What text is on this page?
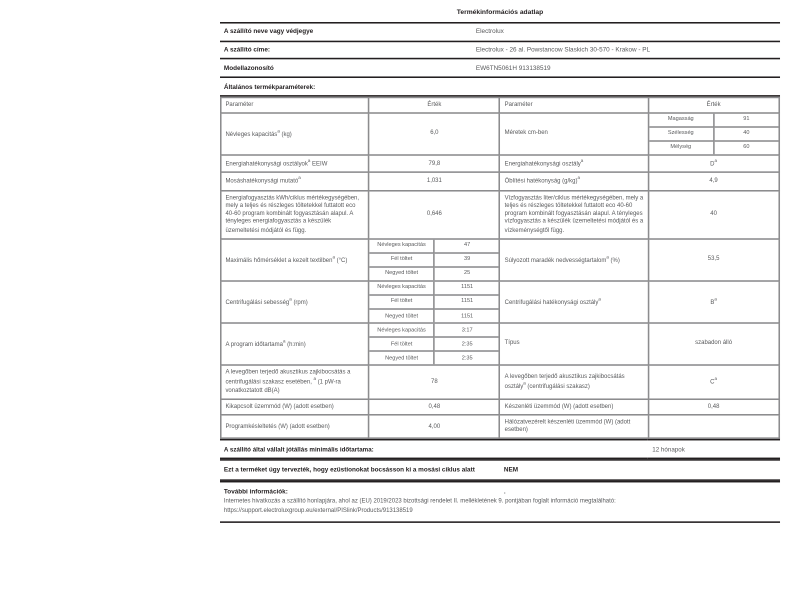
Termékinformációs adatlap
A szállító neve vagy védjegye	Electrolux
A szállító címe:	Electrolux - 26 al. Powstancow Slaskich 30-570 - Krakow - PL
Modellazonosító	EW6TN5061H 913138519
Általános termékparaméterek:	
Paraméter	Érték	Paraméter	Érték
Névleges kapacitás$^a$ (kg)	6,0	Méretek cm-ben	
Magasság	91
Szélesség	40
Mélység	60

Energiahatékonysági osztályok$^a$ EEIW	79,8	Energiahatékonysági osztály$^a$	$D^a$
Mosáshatékonysági mutató$^a$	1,031	Öblítési hatékonyság $(g/kg)^a$	4,9
Energiafogyasztás kWh/ciklus mértékegységében, mely a teljes és részleges töltetekkel futtatott eco 40-60 program kombinált fogyasztásán alapul. A tényleges energiafogyasztás a készülék üzemeltetési módjától és függ.	0,646	Vízfogyasztás liter/ciklus mértékegységében, mely a teljes és részleges töltetekkel futtatott eco 40-60 program kombinált fogyasztásán alapul. A tényleges vízfogyasztás a készülék üzemeltetési módjától és a vízkeménységtől függ.	40
Maximális hőmérséklet a kezelt textilben$^a$ (°C)	
Névleges kapacitás	47
Fél töltet	39
Negyed töltet	25
	Súlyozott maradék nedvességtartalom$^a$ (%)	53,5
Centrifugálási sebesség$^a$ (rpm)	
Névleges kapacitás	1151
Fél töltet	1151
Negyed töltet	1151
	Centrifugálási hatékonysági osztály$^a$	$B^a$
A program időtartama$^a$ (h:min)	
Névleges kapacitás	3:17
Fél töltet	2:35
Negyed töltet	2:35
	Típus	szabadon álló
A levegőben terjedő akusztikus zajkibocsátás a centrifugálási szakasz esetében, $^a$ (1 pW-ra vonatkoztatott dB(A)	78	A levegőben terjedő akusztikus zajkibocsátás osztály$^a$ (centrifugálási szakasz)	$C^a$
Kikapcsolt üzemmód (W) (adott esetben)	0,48	Készenléti üzemmód (W) (adott esetben)	0,48
Programkésleltetés (W) (adott esetben)	4,00	Hálózatvezérelt készenléti üzemmód (W) (adott esetben)	
A szállító által vállalt jótállás minimális időtartama:	12 hónapok
Ezt a terméket úgy tervezték, hogy ezüstionokat bocsásson ki a mosási ciklus alatt	NEM
További információk:	.
Internetes hivatkozás a szállító honlapjára, ahol az (EU) 2019/2023 bizottsági rendelet II. mellékletének 9. pontjában foglalt információ megtalálható: https://support.electroluxgroup.eu/external/PISlink/Products/913138519
